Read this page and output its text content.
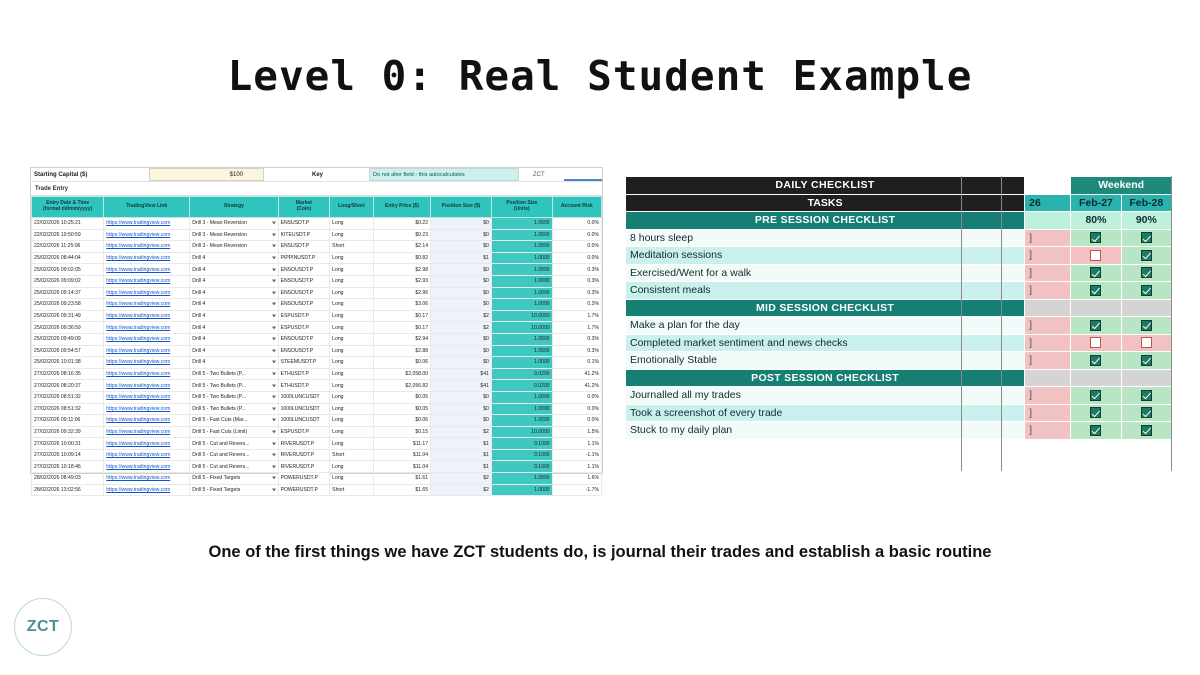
Level 0: Real Student Example
Starting Capital ($)	$100	Key	Do not alter field - this autocalculates	ZCT
Trade Entry
Entry Date & Time
(format dd/mm/yyyy)	TradingView Link	Strategy	Market
(Coin)	Long/Short	Entry Price ($)	Position Size ($)	Position Size
(Units)	Account Risk
22/02/2026 10:25:21	https://www.tradingview.com	Drill 3 - Mean Reversion	ENSUSDT.P	Long	$0.22	$0	1.0000	0.0%
22/02/2026 10:50:59	https://www.tradingview.com	Drill 3 - Mean Reversion	KITEUSDT.P	Long	$0.23	$0	1.0000	0.0%
22/02/2026 11:25:06	https://www.tradingview.com	Drill 3 - Mean Reversion	ENSUSDT.P	Short	$2.14	$0	1.0000	0.0%
25/02/2026 08:44:04	https://www.tradingview.com	Drill 4	PIPPINUSDT.P	Long	$0.82	$1	1.0000	0.0%
25/02/2026 09:02:05	https://www.tradingview.com	Drill 4	ENSOUSDT.P	Long	$2.98	$0	1.0000	0.3%
25/02/2026 09:09:02	https://www.tradingview.com	Drill 4	ENSOUSDT.P	Long	$2.93	$0	1.0000	0.3%
25/02/2026 09:14:37	https://www.tradingview.com	Drill 4	ENSOUSDT.P	Long	$2.96	$0	1.0000	0.3%
25/02/2026 09:23:58	https://www.tradingview.com	Drill 4	ENSOUSDT.P	Long	$3.06	$0	1.0000	0.3%
25/02/2026 09:31:49	https://www.tradingview.com	Drill 4	ESPUSDT.P	Long	$0.17	$2	10.0000	1.7%
25/02/2026 09:36:59	https://www.tradingview.com	Drill 4	ESPUSDT.P	Long	$0.17	$2	10.0000	1.7%
25/02/2026 09:49:09	https://www.tradingview.com	Drill 4	ENSOUSDT.P	Long	$2.94	$0	1.0000	0.3%
25/02/2026 09:54:57	https://www.tradingview.com	Drill 4	ENSOUSDT.P	Long	$2.88	$0	1.0000	0.3%
25/02/2026 10:01:38	https://www.tradingview.com	Drill 4	STEEMUSDT.P	Long	$0.06	$0	1.0000	0.1%
27/02/2026 08:16:35	https://www.tradingview.com	Drill 5 - Two Bullets (P...	ETHUSDT.P	Long	$2,058.00	$41	0.0200	41.2%
27/02/2026 08:20:37	https://www.tradingview.com	Drill 5 - Two Bullets (P...	ETHUSDT.P	Long	$2,056.82	$41	0.0200	41.2%
27/02/2026 08:51:32	https://www.tradingview.com	Drill 5 - Two Bullets (P...	1000LUNCUSDT	Long	$0.05	$0	1.0000	0.0%
27/02/2026 08:51:32	https://www.tradingview.com	Drill 5 - Two Bullets (P...	1000LUNCUSDT	Long	$0.05	$0	1.0000	0.0%
27/02/2026 09:11:06	https://www.tradingview.com	Drill 5 - Fast Cuts (Mar...	1000LUNCUSDT	Long	$0.06	$0	1.0000	0.0%
27/02/2026 09:32:39	https://www.tradingview.com	Drill 5 - Fast Cuts (Limit)	ESPUSDT.P	Long	$0.15	$2	10.0000	1.5%
27/02/2026 10:00:31	https://www.tradingview.com	Drill 5 - Cut and Revers...	RIVERUSDT.P	Long	$11.17	$1	0.1000	1.1%
27/02/2026 10:09:14	https://www.tradingview.com	Drill 5 - Cut and Revers...	RIVERUSDT.P	Short	$11.04	$1	0.1000	-1.1%
27/02/2026 10:18:46	https://www.tradingview.com	Drill 5 - Cut and Revers...	RIVERUSDT.P	Long	$11.04	$1	0.1000	1.1%
28/02/2026 08:49:03	https://www.tradingview.com	Drill 5 - Fixed Targets	POWERUSDT.P	Long	$1.61	$2	1.0000	1.6%
28/02/2026 13:02:56	https://www.tradingview.com	Drill 5 - Fixed Targets	POWERUSDT.P	Short	$1.65	$2	1.0000	-1.7%
DAILY CHECKLIST		Weekend	
TASKS	26	Feb-27	Feb-28
PRE SESSION CHECKLIST		80%	90%
8 hours sleep	]		
Meditation sessions	]		
Exercised/Went for a walk	]		
Consistent meals	]		
MID SESSION CHECKLIST			
Make a plan for the day	]		
Completed market sentiment and news checks	]		
Emotionally Stable	]		
POST SESSION CHECKLIST			
Journalled all my trades	]		
Took a screenshot of every trade	]		
Stuck to my daily plan	]		
One of the first things we have ZCT students do, is journal their trades and establish a basic routine
ZCT
